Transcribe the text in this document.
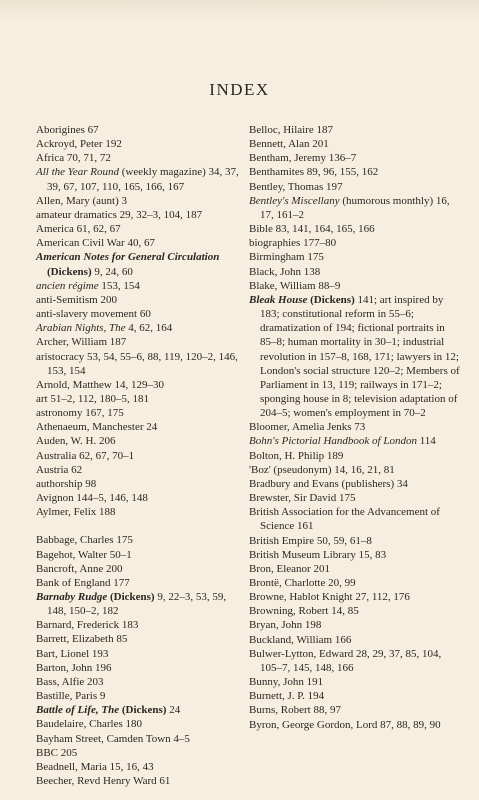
INDEX
Aborigines 67
Ackroyd, Peter 192
Africa 70, 71, 72
All the Year Round (weekly magazine) 34, 37, 39, 67, 107, 110, 165, 166, 167
Allen, Mary (aunt) 3
amateur dramatics 29, 32–3, 104, 187
America 61, 62, 67
American Civil War 40, 67
American Notes for General Circulation (Dickens) 9, 24, 60
ancien régime 153, 154
anti-Semitism 200
anti-slavery movement 60
Arabian Nights, The 4, 62, 164
Archer, William 187
aristocracy 53, 54, 55–6, 88, 119, 120–2, 146, 153, 154
Arnold, Matthew 14, 129–30
art 51–2, 112, 180–5, 181
astronomy 167, 175
Athenaeum, Manchester 24
Auden, W. H. 206
Australia 62, 67, 70–1
Austria 62
authorship 98
Avignon 144–5, 146, 148
Aylmer, Felix 188
Babbage, Charles 175
Bagehot, Walter 50–1
Bancroft, Anne 200
Bank of England 177
Barnaby Rudge (Dickens) 9, 22–3, 53, 59, 148, 150–2, 182
Barnard, Frederick 183
Barrett, Elizabeth 85
Bart, Lionel 193
Barton, John 196
Bass, Alfie 203
Bastille, Paris 9
Battle of Life, The (Dickens) 24
Baudelaire, Charles 180
Bayham Street, Camden Town 4–5
BBC 205
Beadnell, Maria 15, 16, 43
Beecher, Revd Henry Ward 61
Belloc, Hilaire 187
Bennett, Alan 201
Bentham, Jeremy 136–7
Benthamites 89, 96, 155, 162
Bentley, Thomas 197
Bentley's Miscellany (humorous monthly) 16, 17, 161–2
Bible 83, 141, 164, 165, 166
biographies 177–80
Birmingham 175
Black, John 138
Blake, William 88–9
Bleak House (Dickens) 141; art inspired by 183; constitutional reform in 55–6; dramatization of 194; fictional portraits in 85–8; human mortality in 30–1; industrial revolution in 157–8, 168, 171; lawyers in 12; London's social structure 120–2; Members of Parliament in 13, 119; railways in 171–2; sponging house in 8; television adaptation of 204–5; women's employment in 70–2
Bloomer, Amelia Jenks 73
Bohn's Pictorial Handbook of London 114
Bolton, H. Philip 189
'Boz' (pseudonym) 14, 16, 21, 81
Bradbury and Evans (publishers) 34
Brewster, Sir David 175
British Association for the Advancement of Science 161
British Empire 50, 59, 61–8
British Museum Library 15, 83
Bron, Eleanor 201
Brontë, Charlotte 20, 99
Browne, Hablot Knight 27, 112, 176
Browning, Robert 14, 85
Bryan, John 198
Buckland, William 166
Bulwer-Lytton, Edward 28, 29, 37, 85, 104, 105–7, 145, 148, 166
Bunny, John 191
Burnett, J. P. 194
Burns, Robert 88, 97
Byron, George Gordon, Lord 87, 88, 89, 90
